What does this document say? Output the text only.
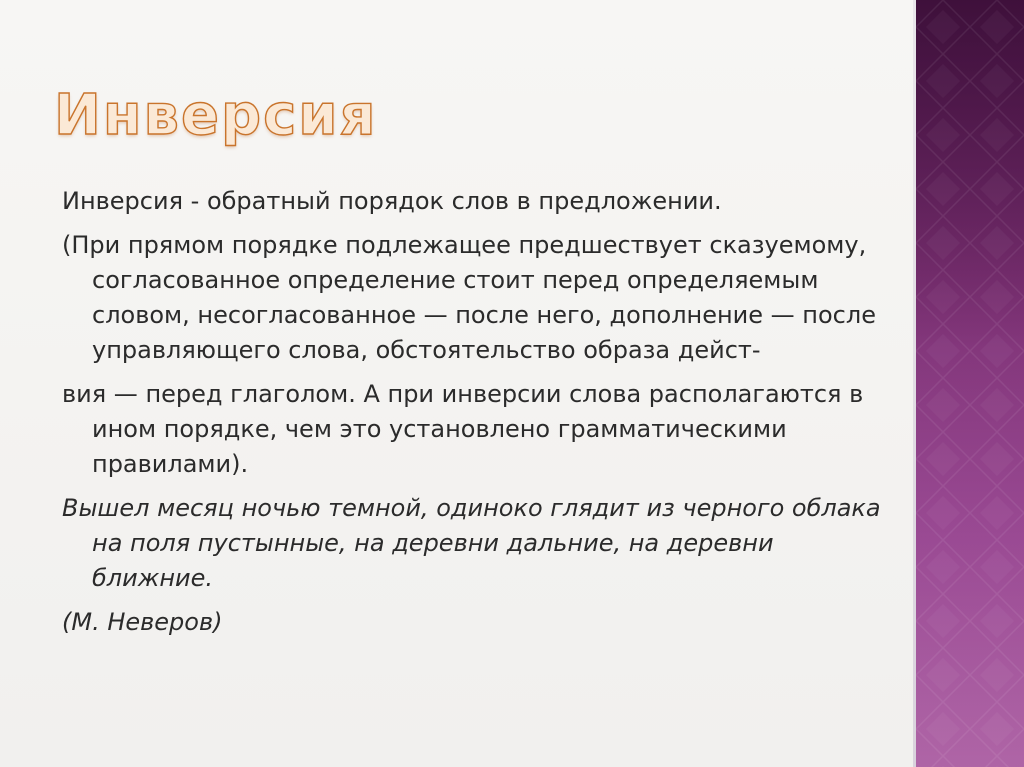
Инверсия

Инверсия - обратный порядок слов в предложении.

(При прямом порядке подлежащее предшествует сказуемому, согласованное определение стоит перед определяемым словом, несогласованное — после него, дополнение — после управляющего слова, обстоятельство образа дейст-

вия — перед глаголом. А при инверсии слова располагаются в ином порядке, чем это установлено грамматическими правилами).

Вышел месяц ночью темной, одиноко глядит из черного облака на поля пустынные, на деревни дальние, на деревни ближние.

(М. Неверов)
